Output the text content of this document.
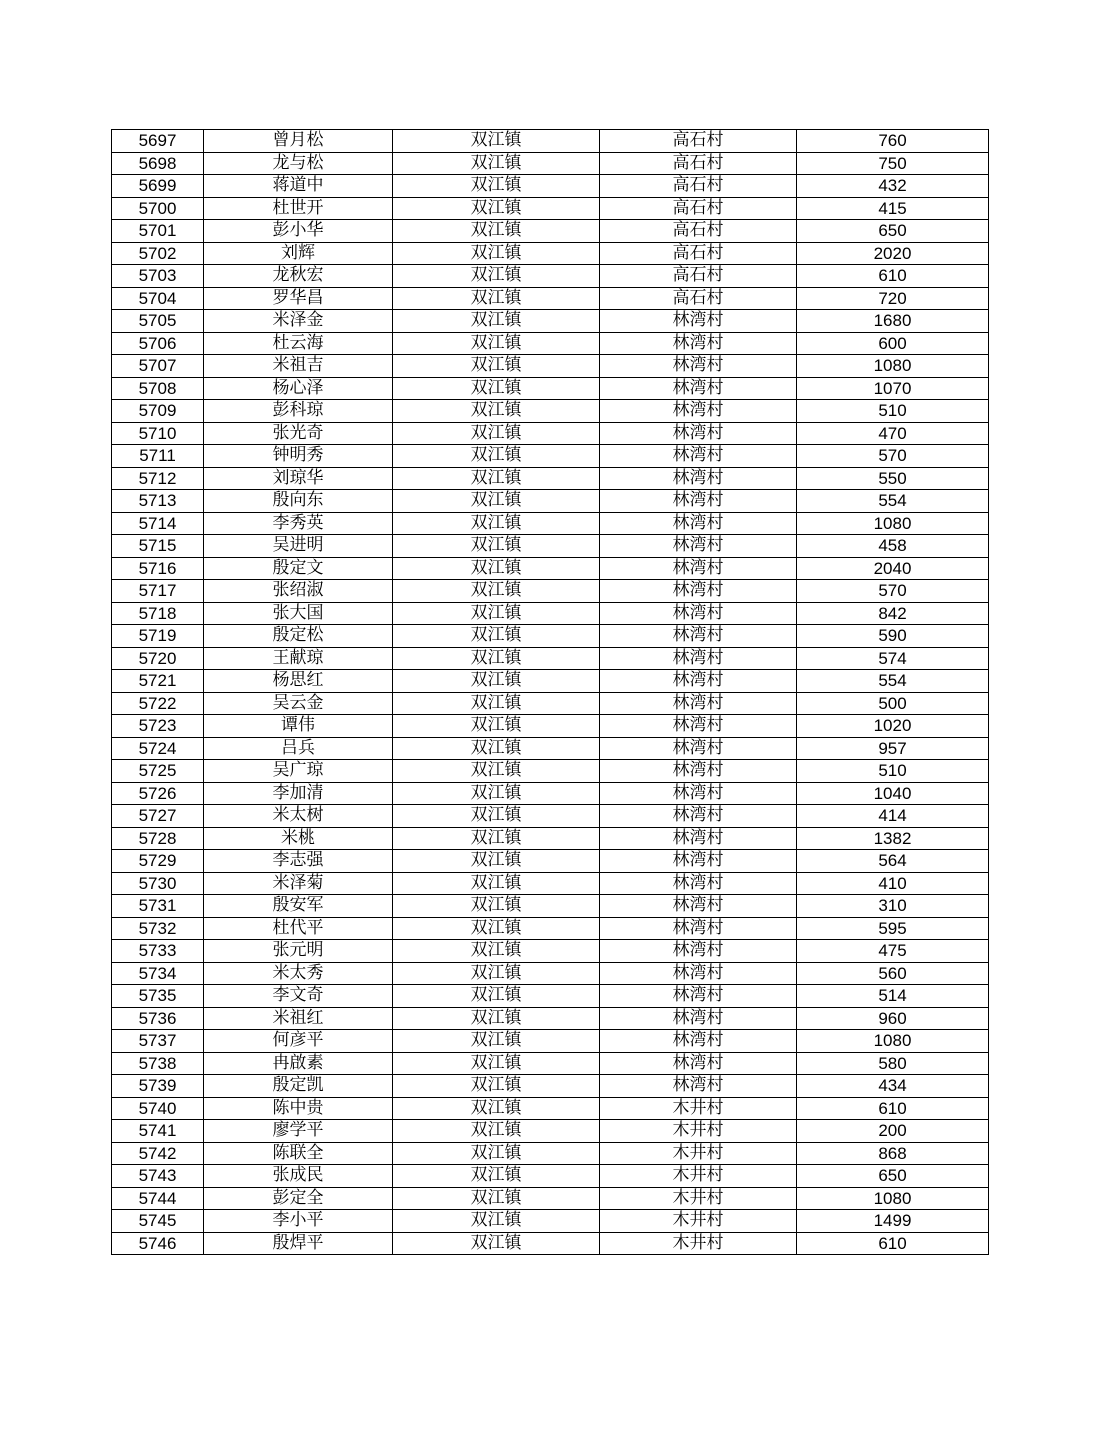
5697	曾月松	双江镇	高石村	760
5698	龙与松	双江镇	高石村	750
5699	蒋道中	双江镇	高石村	432
5700	杜世开	双江镇	高石村	415
5701	彭小华	双江镇	高石村	650
5702	刘辉	双江镇	高石村	2020
5703	龙秋宏	双江镇	高石村	610
5704	罗华昌	双江镇	高石村	720
5705	米泽金	双江镇	林湾村	1680
5706	杜云海	双江镇	林湾村	600
5707	米祖吉	双江镇	林湾村	1080
5708	杨心泽	双江镇	林湾村	1070
5709	彭科琼	双江镇	林湾村	510
5710	张光奇	双江镇	林湾村	470
5711	钟明秀	双江镇	林湾村	570
5712	刘琼华	双江镇	林湾村	550
5713	殷向东	双江镇	林湾村	554
5714	李秀英	双江镇	林湾村	1080
5715	吴进明	双江镇	林湾村	458
5716	殷定文	双江镇	林湾村	2040
5717	张绍淑	双江镇	林湾村	570
5718	张大国	双江镇	林湾村	842
5719	殷定松	双江镇	林湾村	590
5720	王献琼	双江镇	林湾村	574
5721	杨思红	双江镇	林湾村	554
5722	吴云金	双江镇	林湾村	500
5723	谭伟	双江镇	林湾村	1020
5724	吕兵	双江镇	林湾村	957
5725	吴广琼	双江镇	林湾村	510
5726	李加清	双江镇	林湾村	1040
5727	米太树	双江镇	林湾村	414
5728	米桃	双江镇	林湾村	1382
5729	李志强	双江镇	林湾村	564
5730	米泽菊	双江镇	林湾村	410
5731	殷安军	双江镇	林湾村	310
5732	杜代平	双江镇	林湾村	595
5733	张元明	双江镇	林湾村	475
5734	米太秀	双江镇	林湾村	560
5735	李文奇	双江镇	林湾村	514
5736	米祖红	双江镇	林湾村	960
5737	何彦平	双江镇	林湾村	1080
5738	冉啟素	双江镇	林湾村	580
5739	殷定凯	双江镇	林湾村	434
5740	陈中贵	双江镇	木井村	610
5741	廖学平	双江镇	木井村	200
5742	陈联全	双江镇	木井村	868
5743	张成民	双江镇	木井村	650
5744	彭定全	双江镇	木井村	1080
5745	李小平	双江镇	木井村	1499
5746	殷焊平	双江镇	木井村	610
